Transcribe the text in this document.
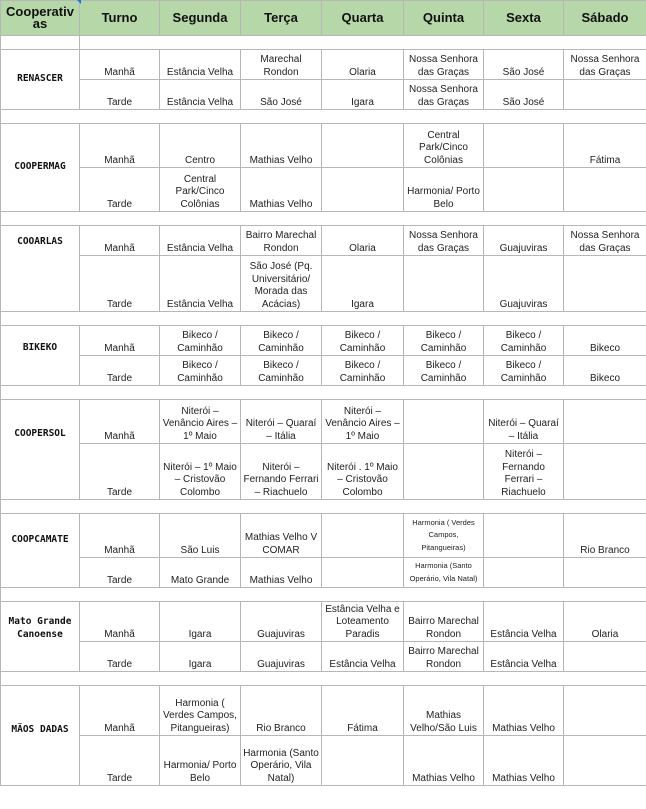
Cooperativas	Turno	Segunda	Terça	Quarta	Quinta	Sexta	Sábado

RENASCER	Manhã	Estância Velha	Marechal Rondon	Olaria	Nossa Senhora das Graças	São José	Nossa Senhora das Graças
	Tarde	Estância Velha	São José	Igara	Nossa Senhora das Graças	São José	

COOPERMAG	Manhã	Centro	Mathias Velho		Central Park/Cinco Colônias		Fátima
	Tarde	Central Park/Cinco Colônias	Mathias Velho		Harmonia/ Porto Belo		

COOARLAS	Manhã	Estância Velha	Bairro Marechal Rondon	Olaria	Nossa Senhora das Graças	Guajuviras	Nossa Senhora das Graças
	Tarde	Estância Velha	São José (Pq. Universitário/ Morada das Acácias)	Igara		Guajuviras	

BIKEKO	Manhã	Bikeco / Caminhão	Bikeco / Caminhão	Bikeco / Caminhão	Bikeco / Caminhão	Bikeco / Caminhão	Bikeco
	Tarde	Bikeco / Caminhão	Bikeco / Caminhão	Bikeco / Caminhão	Bikeco / Caminhão	Bikeco / Caminhão	Bikeco

COOPERSOL	Manhã	Niterói – Venâncio Aires – 1º Maio	Niterói – Quaraí – Itália	Niterói – Venâncio Aires – 1º Maio		Niterói – Quaraí – Itália	
	Tarde	Niterói – 1º Maio – Cristovão Colombo	Niterói – Fernando Ferrari – Riachuelo	Niterói . 1º Maio – Cristovão Colombo		Niterói – Fernando Ferrari – Riachuelo	

COOPCAMATE	Manhã	São Luis	Mathias Velho V COMAR		Harmonia ( Verdes Campos, Pitangueiras)		Rio Branco
	Tarde	Mato Grande	Mathias Velho		Harmonia (Santo Operário, Vila Natal)		

Mato Grande Canoense	Manhã	Igara	Guajuviras	Estância Velha e Loteamento Paradis	Bairro Marechal Rondon	Estância Velha	Olaria
	Tarde	Igara	Guajuviras	Estância Velha	Bairro Marechal Rondon	Estância Velha	

MÃOS DADAS	Manhã	Harmonia ( Verdes Campos, Pitangueiras)	Rio Branco	Fátima	Mathias Velho/São Luis	Mathias Velho	
	Tarde	Harmonia/ Porto Belo	Harmonia (Santo Operário, Vila Natal)		Mathias Velho	Mathias Velho	
